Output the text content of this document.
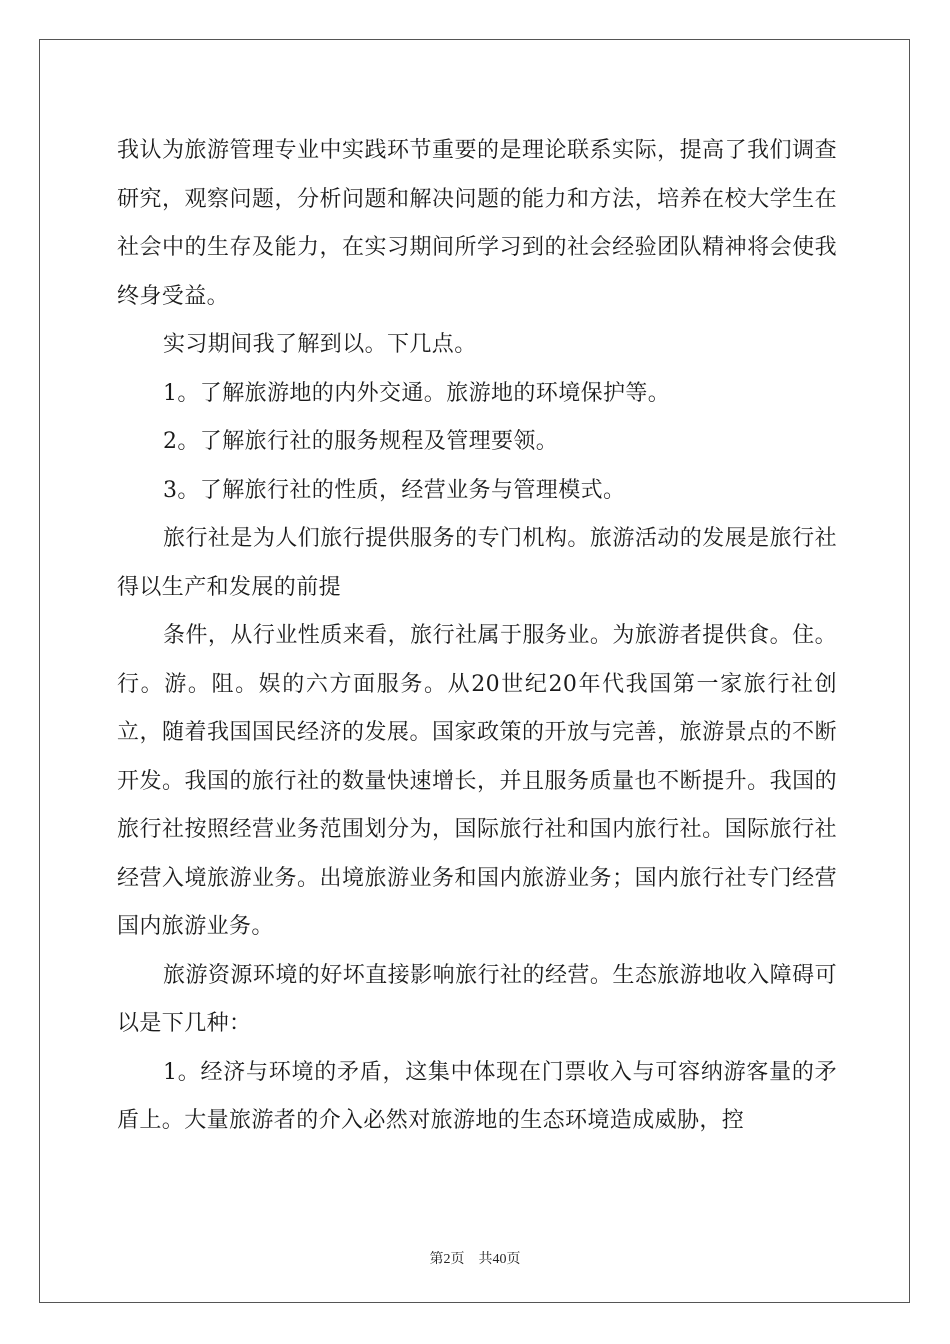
我认为旅游管理专业中实践环节重要的是理论联系实际，提高了我们调查研究，观察问题，分析问题和解决问题的能力和方法，培养在校大学生在社会中的生存及能力，在实习期间所学习到的社会经验团队精神将会使我终身受益。

实习期间我了解到以。下几点。

1。了解旅游地的内外交通。旅游地的环境保护等。

2。了解旅行社的服务规程及管理要领。

3。了解旅行社的性质，经营业务与管理模式。

旅行社是为人们旅行提供服务的专门机构。旅游活动的发展是旅行社得以生产和发展的前提

条件，从行业性质来看，旅行社属于服务业。为旅游者提供食。住。行。游。阻。娱的六方面服务。从20世纪20年代我国第一家旅行社创立，随着我国国民经济的发展。国家政策的开放与完善，旅游景点的不断开发。我国的旅行社的数量快速增长，并且服务质量也不断提升。我国的旅行社按照经营业务范围划分为，国际旅行社和国内旅行社。国际旅行社经营入境旅游业务。出境旅游业务和国内旅游业务；国内旅行社专门经营国内旅游业务。

旅游资源环境的好坏直接影响旅行社的经营。生态旅游地收入障碍可以是下几种：

1。经济与环境的矛盾，这集中体现在门票收入与可容纳游客量的矛盾上。大量旅游者的介入必然对旅游地的生态环境造成威胁，控

第2页 共40页
